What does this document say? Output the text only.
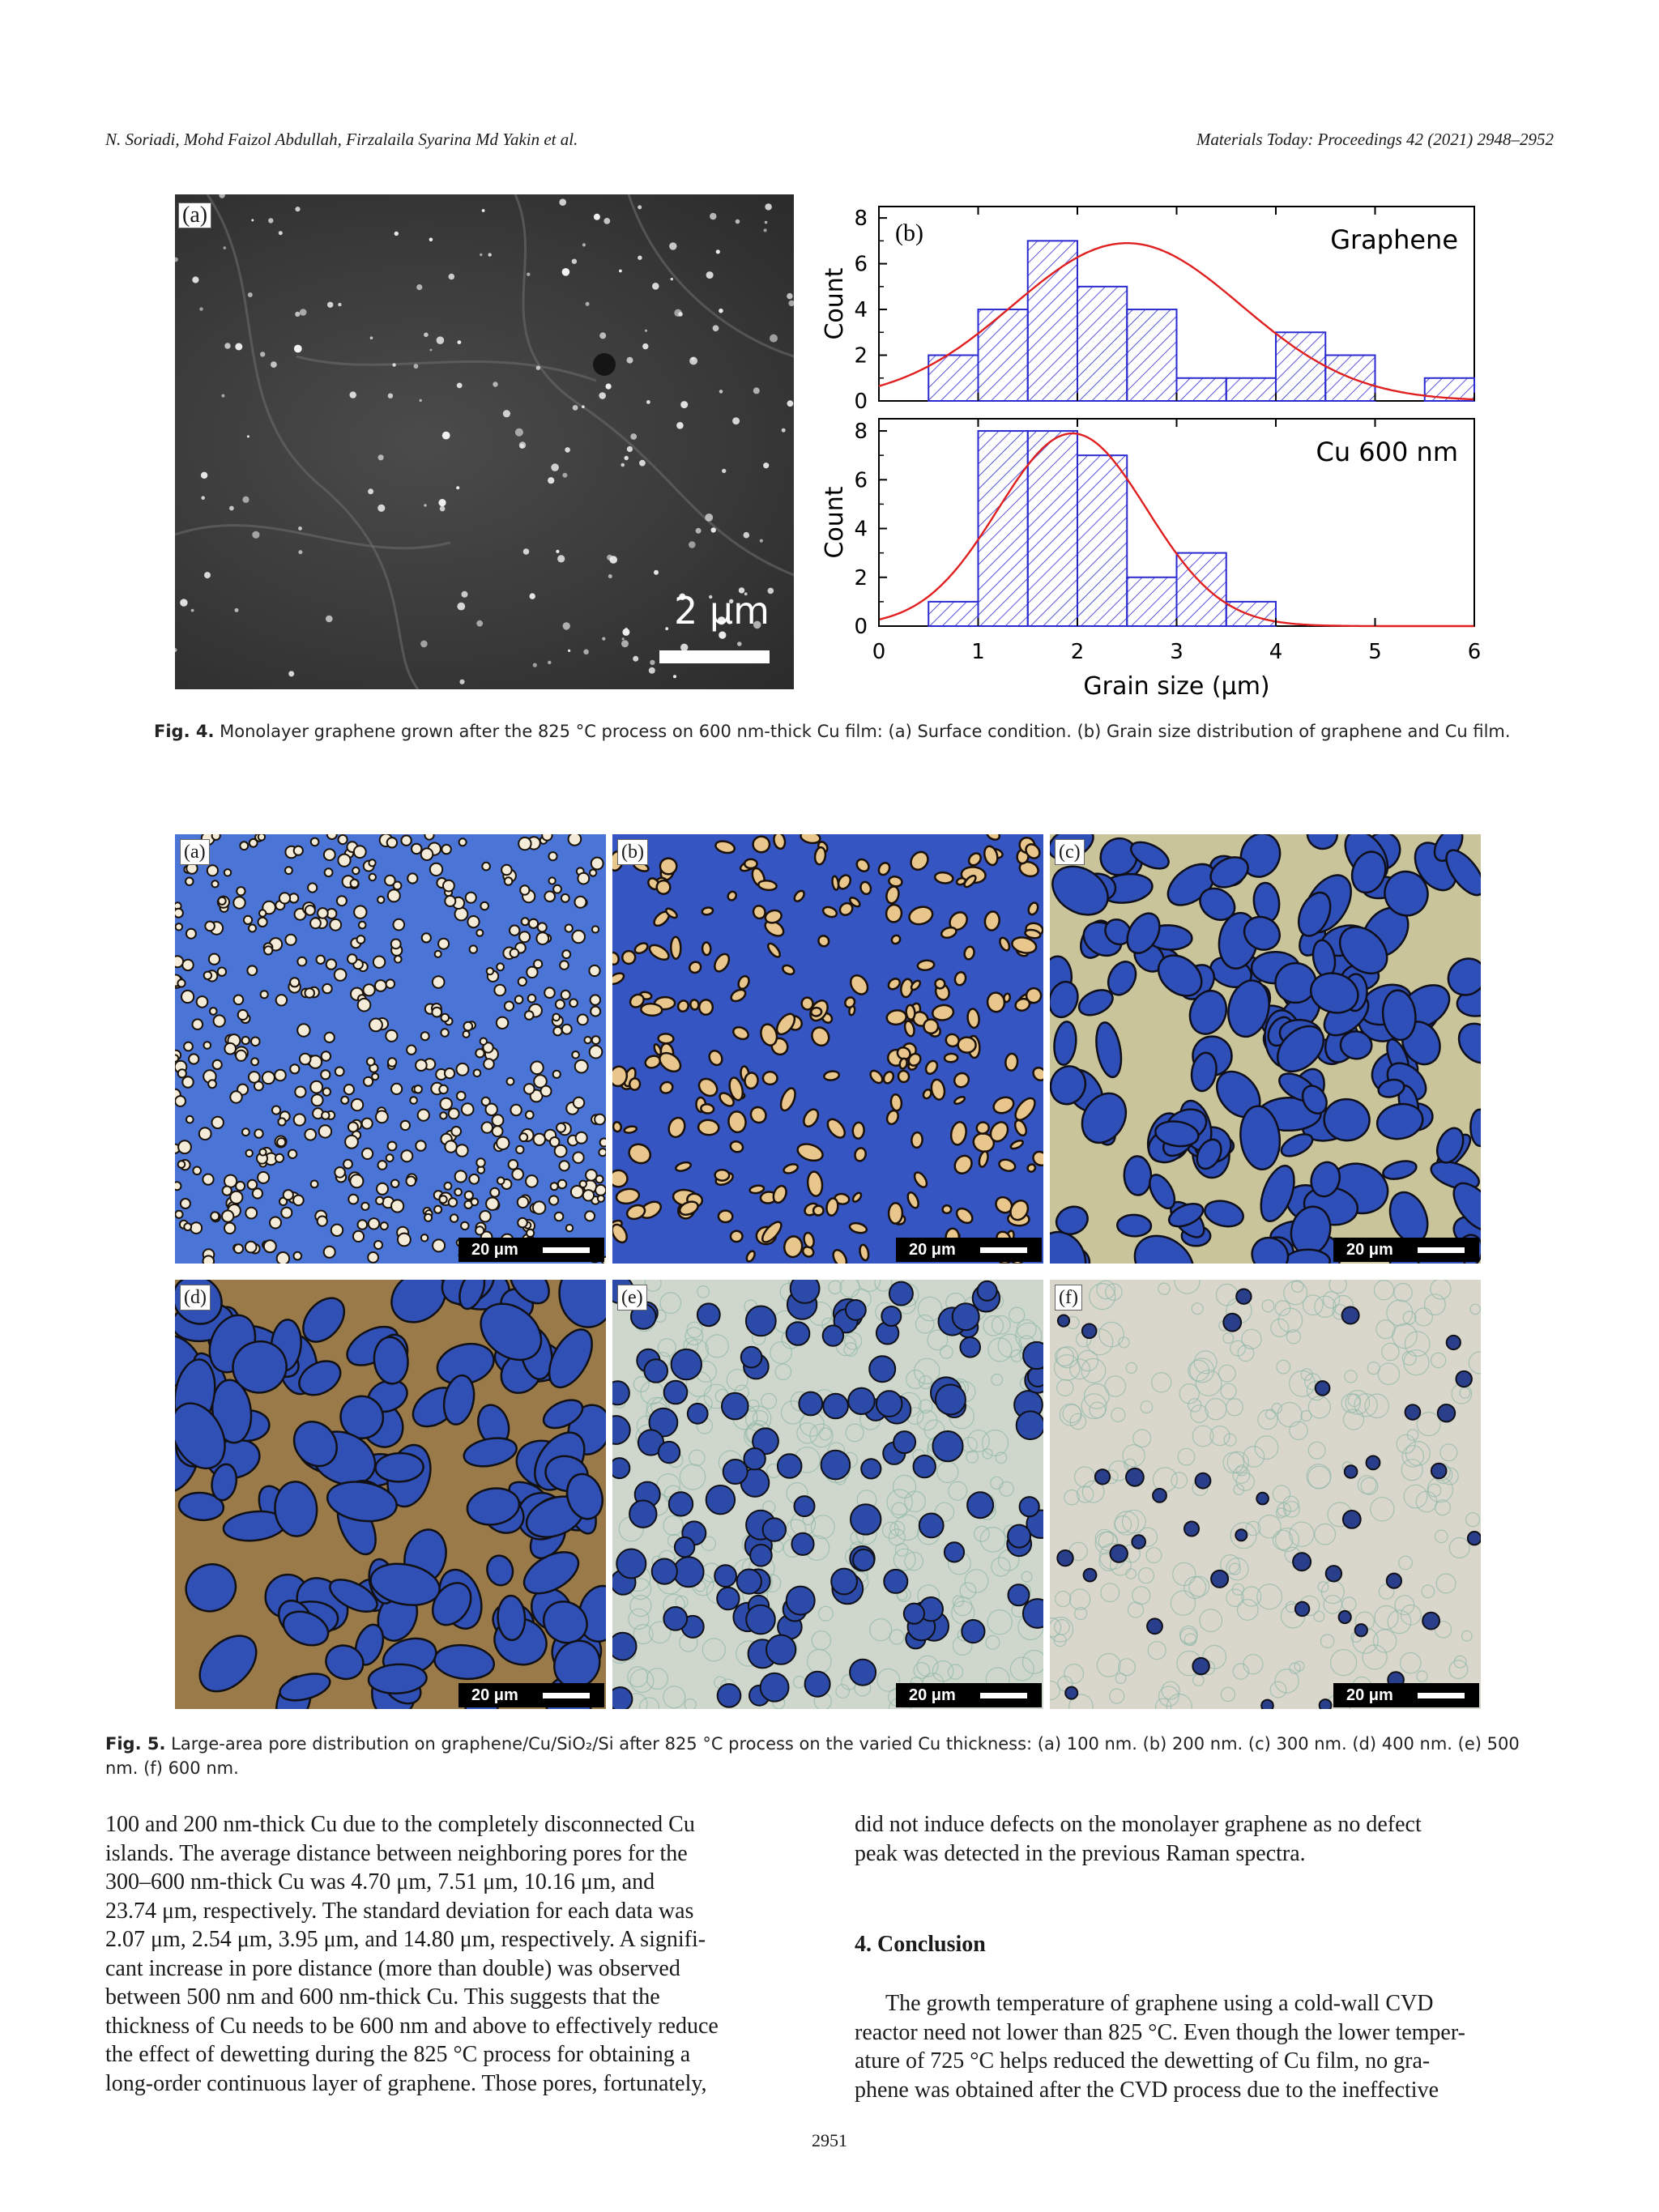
N. Soriadi, Mohd Faizol Abdullah, Firzalaila Syarina Md Yakin et al.	Materials Today: Proceedings 42 (2021) 2948–2952
(a)
2 μm
0
2
4
6
8
Count
Graphene
(b)
0
2
4
6
8
Count
Cu 600 nm
0	1	2	3	4	5	6
Grain size (μm)
Fig. 4. Monolayer graphene grown after the 825 °C process on 600 nm-thick Cu film: (a) Surface condition. (b) Grain size distribution of graphene and Cu film.
(a)
20 μm
(b)
20 μm
(c)
20 μm
(d)
20 μm
(e)
20 μm
(f)
20 μm
Fig. 5. Large-area pore distribution on graphene/Cu/SiO₂/Si after 825 °C process on the varied Cu thickness: (a) 100 nm. (b) 200 nm. (c) 300 nm. (d) 400 nm. (e) 500 nm. (f) 600 nm.
100 and 200 nm-thick Cu due to the completely disconnected Cu
islands. The average distance between neighboring pores for the
300–600 nm-thick Cu was 4.70 μm, 7.51 μm, 10.16 μm, and
23.74 μm, respectively. The standard deviation for each data was
2.07 μm, 2.54 μm, 3.95 μm, and 14.80 μm, respectively. A signifi-
cant increase in pore distance (more than double) was observed
between 500 nm and 600 nm-thick Cu. This suggests that the
thickness of Cu needs to be 600 nm and above to effectively reduce
the effect of dewetting during the 825 °C process for obtaining a
long-order continuous layer of graphene. Those pores, fortunately,
did not induce defects on the monolayer graphene as no defect
peak was detected in the previous Raman spectra.
4. Conclusion
The growth temperature of graphene using a cold-wall CVD
reactor need not lower than 825 °C. Even though the lower temper-
ature of 725 °C helps reduced the dewetting of Cu film, no gra-
phene was obtained after the CVD process due to the ineffective
2951
